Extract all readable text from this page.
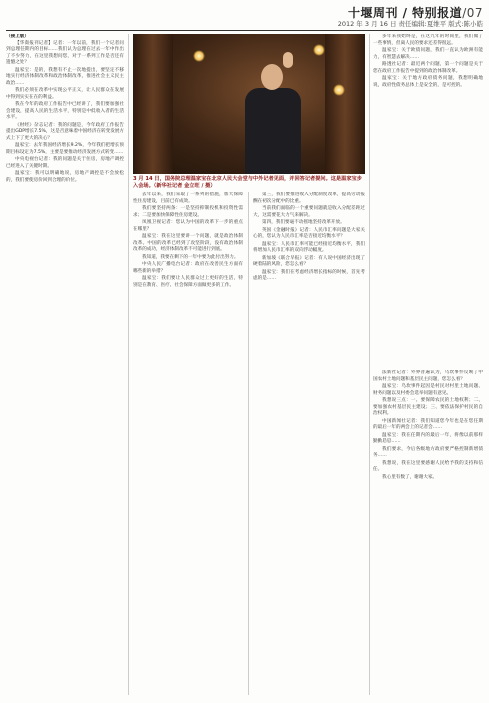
十堰周刊 / 特别报道/07
2012 年 3 月 16 日 责任编辑:夏维平 版式:陈小皓
（接上版）

【华裔报刊记者】记者：一年以前，我们一个记者问到总理任期内的目标……我们认为总理在过去一年中作出了不少努力，在这里我想问您，对于一系列工作是否还有遗憾之处？

温家宝：是的，我想有不止一次地提出，要坚定不移地实行经济体制改革和政治体制改革，推进社会主义民主政治……

我们必须在改革中实现公平正义，让人民群众在发展中得到实实在在的利益。

我在今年的政府工作报告中已经讲了，我们要加强社会建设，提高人民的生活水平，特别是中低收入者的生活水平。

《财经》杂志记者：我的问题是，今年政府工作报告提出GDP增长7.5%，这是否意味着中国经济在转变发展方式上下了更大的决心？

温家宝：去年我国经济增长9.2%，今年我们把增长预期目标设定为7.5%，主要是要推动经济发展方式转变……

中央电视台记者：我的问题是关于住房，房地产调控已经进入了关键时期。

温家宝：我可以明确地说，房地产调控是不会放松的，我们要使房价回到合理的价位。	3 月 14 日，国务院总理温家宝在北京人民大会堂与中外记者见面，并回答记者提问。这是温家宝步入会场。（新华社记者 金立旺 / 摄）

去年以来，我们采取了一系列的措施，加大保障性住房建设，目前已有成效。

我们要坚持两条：一是坚持抑制投机和投资性需求；二是要加快保障性住房建设。

凤凰卫视记者：您认为中国的改革下一步的重点在哪里？

温家宝：我在这里要讲一个问题，就是政治体制改革。中国的改革已经到了攻坚阶段，没有政治体制改革的成功，经济体制改革不可能进行到底。

我知道，我要在剩下的一年中要为此付出努力。

中央人民广播电台记者：政府在改善民生方面有哪些新的举措？

温家宝：我们要让人民群众过上更好的生活，特别是在教育、医疗、社会保障方面做更多的工作。

第三，我们要推进收入分配制度改革，提高劳动报酬在初次分配中的比重。

当前我们面临的一个重要问题就是收入分配差距过大，这需要花大力气来解决。

第四，我们要毫不动摇地坚持改革开放。

英国《金融时报》记者：人民币汇率问题是大家关心的，您认为人民币汇率是否接近均衡水平？

温家宝：人民币汇率可能已经接近均衡水平，我们将增加人民币汇率的双向浮动幅度。

新加坡《联合早报》记者：有人说中国经济出现了硬着陆的风险，您怎么看？

温家宝：我们在考虑经济增长指标的时候，首先考虑的是……

多年来我始终是，在这九年的时间里，我们做了一些事情，但离人民的要求还差得很远。

温家宝：关于欧债问题，我们一直认为欧洲有能力，有智慧去解决……

路透社记者：最近两个问题，第一个问题是关于您在政府工作报告中提到的政治体制改革。

温家宝：关于地方政府债务问题，我想明确地说，政府性债务总体上是安全的，是可控的。

法新社记者：外界普遍认为，乌坎事件反映了中国农村土地问题和基层民主问题，您怎么看？

温家宝：乌坎事件起因是村民对村里土地问题、财务问题以及村委会选举问题有意见。

我想说三点：一、要保障农民的土地权利；二、要加强农村基层民主建设；三、要依法保护村民的自治权利。

中国新闻社记者：我们知道您今年也是在您任期的最后一年的两会上的记者会……

温家宝：我在任期内的最后一年，将像以前那样勤勤恳恳……

我们要求，今后各级地方政府要严格控制新增债务……

我想说，我在这里要感谢人民给予我的支持和信任。

我心里有数了，谢谢大家。
